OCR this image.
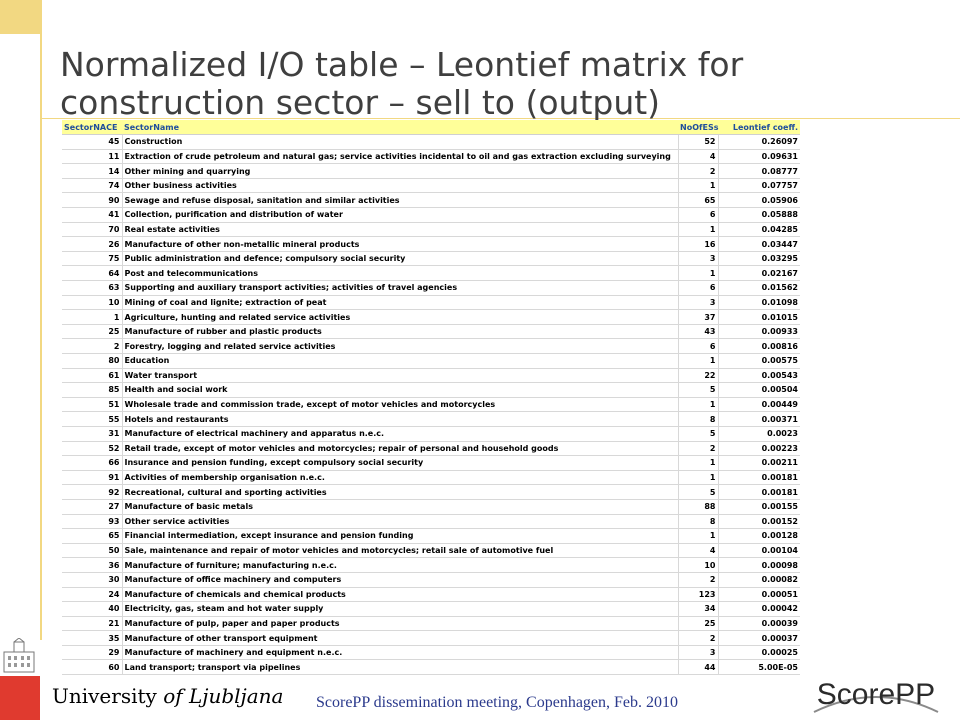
Normalized I/O table – Leontief matrix for construction sector – sell to (output)
SectorNACE	SectorName	NoOfESs	Leontief coeff.
45	Construction	52	0.26097
11	Extraction of crude petroleum and natural gas; service activities incidental to oil and gas extraction excluding surveying	4	0.09631
14	Other mining and quarrying	2	0.08777
74	Other business activities	1	0.07757
90	Sewage and refuse disposal, sanitation and similar activities	65	0.05906
41	Collection, purification and distribution of water	6	0.05888
70	Real estate activities	1	0.04285
26	Manufacture of other non-metallic mineral products	16	0.03447
75	Public administration and defence; compulsory social security	3	0.03295
64	Post and telecommunications	1	0.02167
63	Supporting and auxiliary transport activities; activities of travel agencies	6	0.01562
10	Mining of coal and lignite; extraction of peat	3	0.01098
1	Agriculture, hunting and related service activities	37	0.01015
25	Manufacture of rubber and plastic products	43	0.00933
2	Forestry, logging and related service activities	6	0.00816
80	Education	1	0.00575
61	Water transport	22	0.00543
85	Health and social work	5	0.00504
51	Wholesale trade and commission trade, except of motor vehicles and motorcycles	1	0.00449
55	Hotels and restaurants	8	0.00371
31	Manufacture of electrical machinery and apparatus n.e.c.	5	0.0023
52	Retail trade, except of motor vehicles and motorcycles; repair of personal and household goods	2	0.00223
66	Insurance and pension funding, except compulsory social security	1	0.00211
91	Activities of membership organisation n.e.c.	1	0.00181
92	Recreational, cultural and sporting activities	5	0.00181
27	Manufacture of basic metals	88	0.00155
93	Other service activities	8	0.00152
65	Financial intermediation, except insurance and pension funding	1	0.00128
50	Sale, maintenance and repair of motor vehicles and motorcycles; retail sale of automotive fuel	4	0.00104
36	Manufacture of furniture; manufacturing n.e.c.	10	0.00098
30	Manufacture of office machinery and computers	2	0.00082
24	Manufacture of chemicals and chemical products	123	0.00051
40	Electricity, gas, steam and hot water supply	34	0.00042
21	Manufacture of pulp, paper and paper products	25	0.00039
35	Manufacture of other transport equipment	2	0.00037
29	Manufacture of machinery and equipment n.e.c.	3	0.00025
60	Land transport; transport via pipelines	44	5.00E-05
University of Ljubljana ScorePP dissemination meeting, Copenhagen, Feb. 2010	ScorePP
